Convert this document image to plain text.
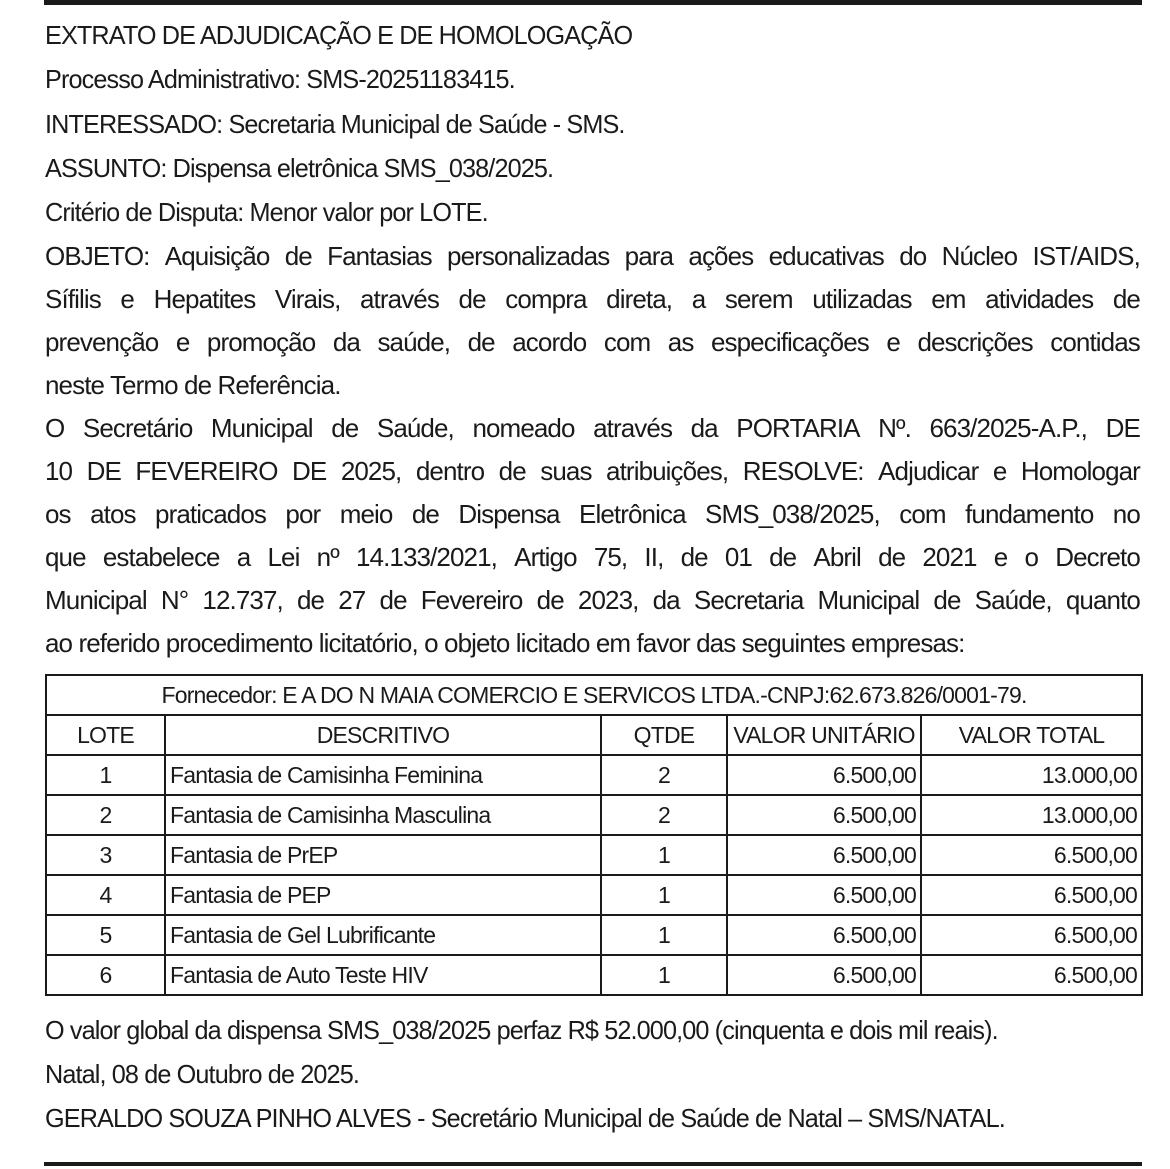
EXTRATO DE ADJUDICAÇÃO E DE HOMOLOGAÇÃO
Processo Administrativo: SMS-20251183415.
INTERESSADO: Secretaria Municipal de Saúde - SMS.
ASSUNTO: Dispensa eletrônica SMS_038/2025.
Critério de Disputa: Menor valor por LOTE.
OBJETO: Aquisição de Fantasias personalizadas para ações educativas do Núcleo IST/AIDS,
Sífilis e Hepatites Virais, através de compra direta, a serem utilizadas em atividades de
prevenção e promoção da saúde, de acordo com as especificações e descrições contidas
neste Termo de Referência.
O Secretário Municipal de Saúde, nomeado através da PORTARIA Nº. 663/2025-A.P., DE
10 DE FEVEREIRO DE 2025, dentro de suas atribuições, RESOLVE: Adjudicar e Homologar
os atos praticados por meio de Dispensa Eletrônica SMS_038/2025, com fundamento no
que estabelece a Lei nº 14.133/2021, Artigo 75, II, de 01 de Abril de 2021 e o Decreto
Municipal N° 12.737, de 27 de Fevereiro de 2023, da Secretaria Municipal de Saúde, quanto
ao referido procedimento licitatório, o objeto licitado em favor das seguintes empresas:
Fornecedor: E A DO N MAIA COMERCIO E SERVICOS LTDA.-CNPJ:62.673.826/0001-79.				
LOTE	DESCRITIVO	QTDE	VALOR UNITÁRIO	VALOR TOTAL
1	Fantasia de Camisinha Feminina	2	6.500,00	13.000,00
2	Fantasia de Camisinha Masculina	2	6.500,00	13.000,00
3	Fantasia de PrEP	1	6.500,00	6.500,00
4	Fantasia de PEP	1	6.500,00	6.500,00
5	Fantasia de Gel Lubrificante	1	6.500,00	6.500,00
6	Fantasia de Auto Teste HIV	1	6.500,00	6.500,00
O valor global da dispensa SMS_038/2025 perfaz R$ 52.000,00 (cinquenta e dois mil reais).
Natal, 08 de Outubro de 2025.
GERALDO SOUZA PINHO ALVES - Secretário Municipal de Saúde de Natal – SMS/NATAL.
